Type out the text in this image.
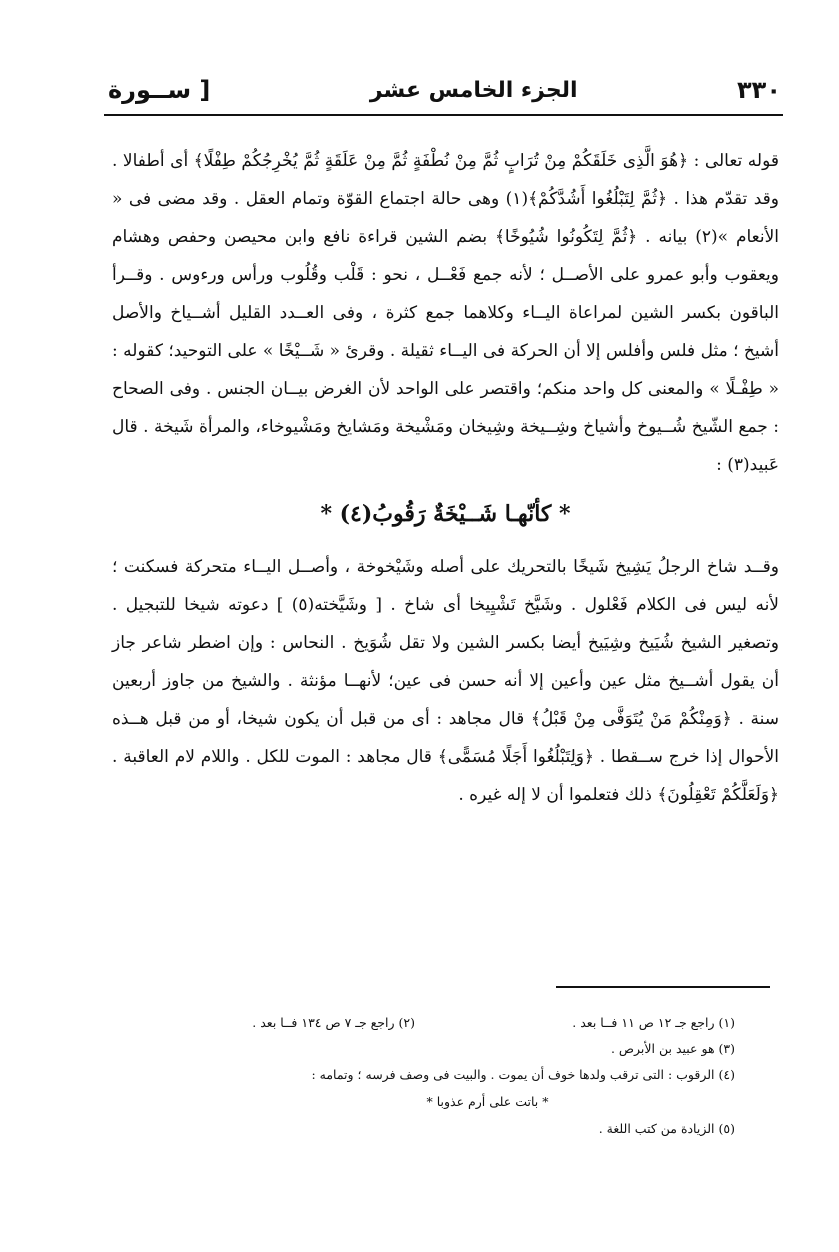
[ ســورة	الجزء الخامس عشر	٣٣٠

قوله تعالى : ﴿هُوَ الَّذِى خَلَقَكُمْ مِنْ تُرَابٍ ثُمَّ مِنْ نُطْفَةٍ ثُمَّ مِنْ عَلَقَةٍ ثُمَّ يُخْرِجُكُمْ طِفْلًا﴾ أى أطفالا . وقد تقدّم هذا . ﴿ثُمَّ لِتَبْلُغُوا أَشُدَّكُمْ﴾(١) وهى حالة اجتماع القوّة وتمام العقل . وقد مضى فى « الأنعام »(٢) بيانه . ﴿ثُمَّ لِتَكُونُوا شُيُوخًا﴾ بضم الشين قراءة نافع وابن محيصن وحفص وهشام ويعقوب وأبو عمرو على الأصــل ؛ لأنه جمع فَعْــل ، نحو : قَلْب وقُلُوب ورأس ورءوس . وقــرأ الباقون بكسر الشين لمراعاة اليــاء وكلاهما جمع كثرة ، وفى العــدد القليل أشــياخ والأصل أشيخ ؛ مثل فلس وأفلس إلا أن الحركة فى اليــاء ثقيلة . وقرئ « شَــيْخًا » على التوحيد؛ كقوله : « طِفْـلًا » والمعنى كل واحد منكم؛ واقتصر على الواحد لأن الغرض بيــان الجنس . وفى الصحاح : جمع الشّيخ شُــيوخ وأشياخ وشِــيخة وشِيخان ومَشْيخة ومَشايخ ومَشْيوخاء، والمرأة شَيخة . قال عَبيد(٣) :

* كأنّهـا شَــيْخَةٌ رَقُوبُ(٤) *

وقــد شاخ الرجلُ يَشِيخ شَيخًا بالتحريك على أصله وشَيْخوخة ، وأصــل اليــاء متحركة فسكنت ؛ لأنه ليس فى الكلام فَعْلول . وشَيَّخ تَشْيِيخا أى شاخ . [ وشَيَّخته(٥) ] دعوته شيخا للتبجيل . وتصغير الشيخ شُيَيخ وشِيَيخ أيضا بكسر الشين ولا تقل شُوَيخ . النحاس : وإن اضطر شاعر جاز أن يقول أشــيخ مثل عين وأعين إلا أنه حسن فى عين؛ لأنهــا مؤنثة . والشيخ من جاوز أربعين سنة . ﴿وَمِنْكُمْ مَنْ يُتَوَفَّى مِنْ قَبْلُ﴾ قال مجاهد : أى من قبل أن يكون شيخا، أو من قبل هــذه الأحوال إذا خرج ســقطا . ﴿وَلِتَبْلُغُوا أَجَلًا مُسَمًّى﴾ قال مجاهد : الموت للكل . واللام لام العاقبة . ﴿وَلَعَلَّكُمْ تَعْقِلُونَ﴾ ذلك فتعلموا أن لا إله غيره .

(١) راجع جـ ١٢ ص ١١ فــا بعد .
(٢) راجع جـ ٧ ص ١٣٤ فــا بعد .
(٣) هو عبيد بن الأبرص .
(٤) الرقوب : التى ترقب ولدها خوف أن يموت . والبيت فى وصف فرسه ؛ وتمامه :
* باتت على أرم عذوبا *
(٥) الزيادة من كتب اللغة .
